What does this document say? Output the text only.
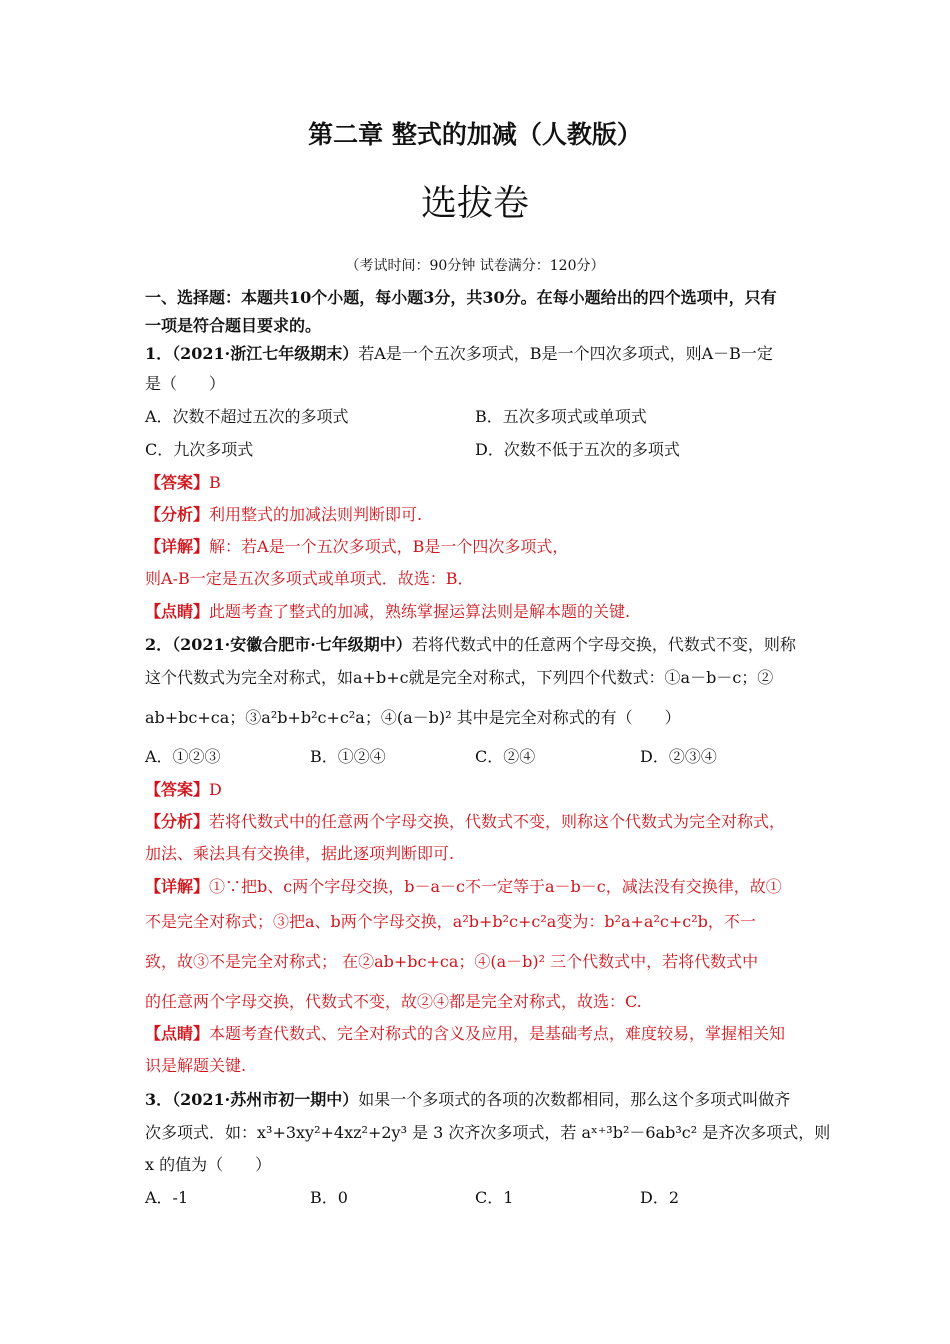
第二章 整式的加减（人教版）
选拔卷
（考试时间：90分钟 试卷满分：120分）
一、选择题：本题共10个小题，每小题3分，共30分。在每小题给出的四个选项中，只有
一项是符合题目要求的。
1．（2021·浙江七年级期末）若A是一个五次多项式，B是一个四次多项式，则A－B一定
是（　　）
A．次数不超过五次的多项式	B．五次多项式或单项式
C．九次多项式	D．次数不低于五次的多项式
【答案】B
【分析】利用整式的加减法则判断即可.
【详解】解：若A是一个五次多项式，B是一个四次多项式，
则A-B一定是五次多项式或单项式．故选：B．
【点睛】此题考查了整式的加减，熟练掌握运算法则是解本题的关键.
2．（2021·安徽合肥市·七年级期中）若将代数式中的任意两个字母交换，代数式不变，则称
这个代数式为完全对称式，如a+b+c就是完全对称式，下列四个代数式：①a－b－c；②
ab+bc+ca；③a²b+b²c+c²a；④(a－b)² 其中是完全对称式的有（　　）
A．①②③	B．①②④	C．②④	D．②③④
【答案】D
【分析】若将代数式中的任意两个字母交换，代数式不变，则称这个代数式为完全对称式，
加法、乘法具有交换律，据此逐项判断即可.
【详解】①∵把b、c两个字母交换，b－a－c不一定等于a－b－c，减法没有交换律，故①
不是完全对称式；③把a、b两个字母交换，a²b+b²c+c²a变为：b²a+a²c+c²b，不一
致，故③不是完全对称式； 在②ab+bc+ca；④(a－b)² 三个代数式中，若将代数式中
的任意两个字母交换，代数式不变，故②④都是完全对称式，故选：C.
【点睛】本题考查代数式、完全对称式的含义及应用，是基础考点，难度较易，掌握相关知
识是解题关键.
3．（2021·苏州市初一期中）如果一个多项式的各项的次数都相同，那么这个多项式叫做齐
次多项式．如：x³+3xy²+4xz²+2y³ 是 3 次齐次多项式，若 aˣ⁺³b²－6ab³c² 是齐次多项式，则
x 的值为（　　）
A．-1	B．0	C．1	D．2
